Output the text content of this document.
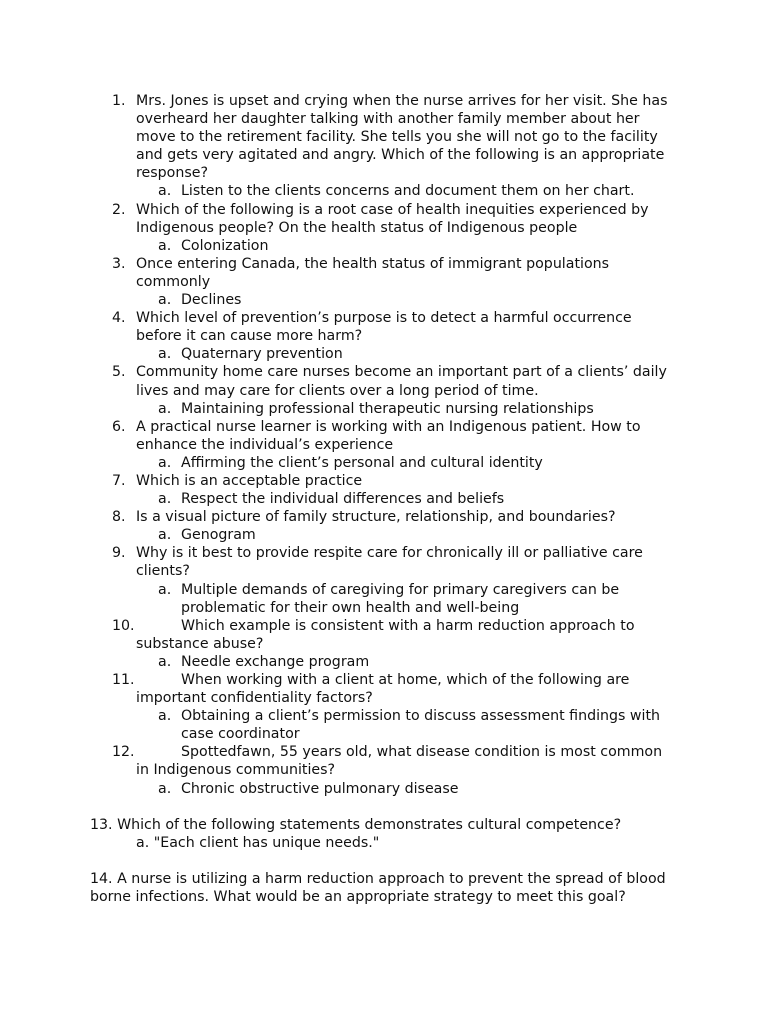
1. Mrs. Jones is upset and crying when the nurse arrives for her visit. She has overheard her daughter talking with another family member about her move to the retirement facility. She tells you she will not go to the facility and gets very agitated and angry. Which of the following is an appropriate response?
a. Listen to the clients concerns and document them on her chart.
2. Which of the following is a root case of health inequities experienced by Indigenous people? On the health status of Indigenous people
a. Colonization
3. Once entering Canada, the health status of immigrant populations commonly
a. Declines
4. Which level of prevention’s purpose is to detect a harmful occurrence before it can cause more harm?
a. Quaternary prevention
5. Community home care nurses become an important part of a clients’ daily lives and may care for clients over a long period of time.
a. Maintaining professional therapeutic nursing relationships
6. A practical nurse learner is working with an Indigenous patient. How to enhance the individual’s experience
a. Affirming the client’s personal and cultural identity
7. Which is an acceptable practice
a. Respect the individual differences and beliefs
8. Is a visual picture of family structure, relationship, and boundaries?
a. Genogram
9. Why is it best to provide respite care for chronically ill or palliative care clients?
a. Multiple demands of caregiving for primary caregivers can be problematic for their own health and well-being
10.	Which example is consistent with a harm reduction approach to substance abuse?
a. Needle exchange program
11.	When working with a client at home, which of the following are important confidentiality factors?
a. Obtaining a client’s permission to discuss assessment findings with case coordinator
12.	Spottedfawn, 55 years old, what disease condition is most common in Indigenous communities?
a. Chronic obstructive pulmonary disease
13. Which of the following statements demonstrates cultural competence?
a. "Each client has unique needs."
14. A nurse is utilizing a harm reduction approach to prevent the spread of blood borne infections. What would be an appropriate strategy to meet this goal?
